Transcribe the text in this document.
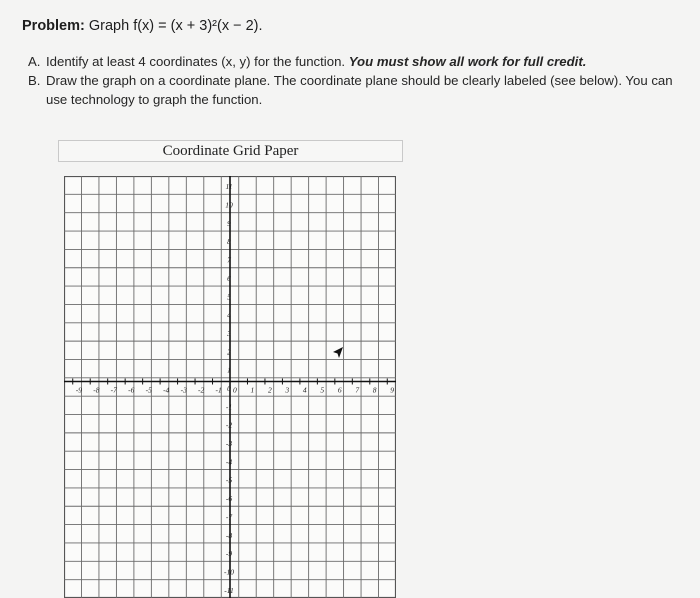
Problem: Graph f(x) = (x + 3)²(x − 2).
A. Identify at least 4 coordinates (x, y) for the function. You must show all work for full credit.
B. Draw the graph on a coordinate plane. The coordinate plane should be clearly labeled (see below). You can use technology to graph the function.
Coordinate Grid Paper
-9 -8 -7 -6 -5 -4 -3 -2 -1 0 1 2 3 4 5 6 7 8 9
11
10
9
8
7
6
5
4
3
2
1
0
-1
-2
-3
-4
-5
-6
-7
-8
-9
-10
-11
